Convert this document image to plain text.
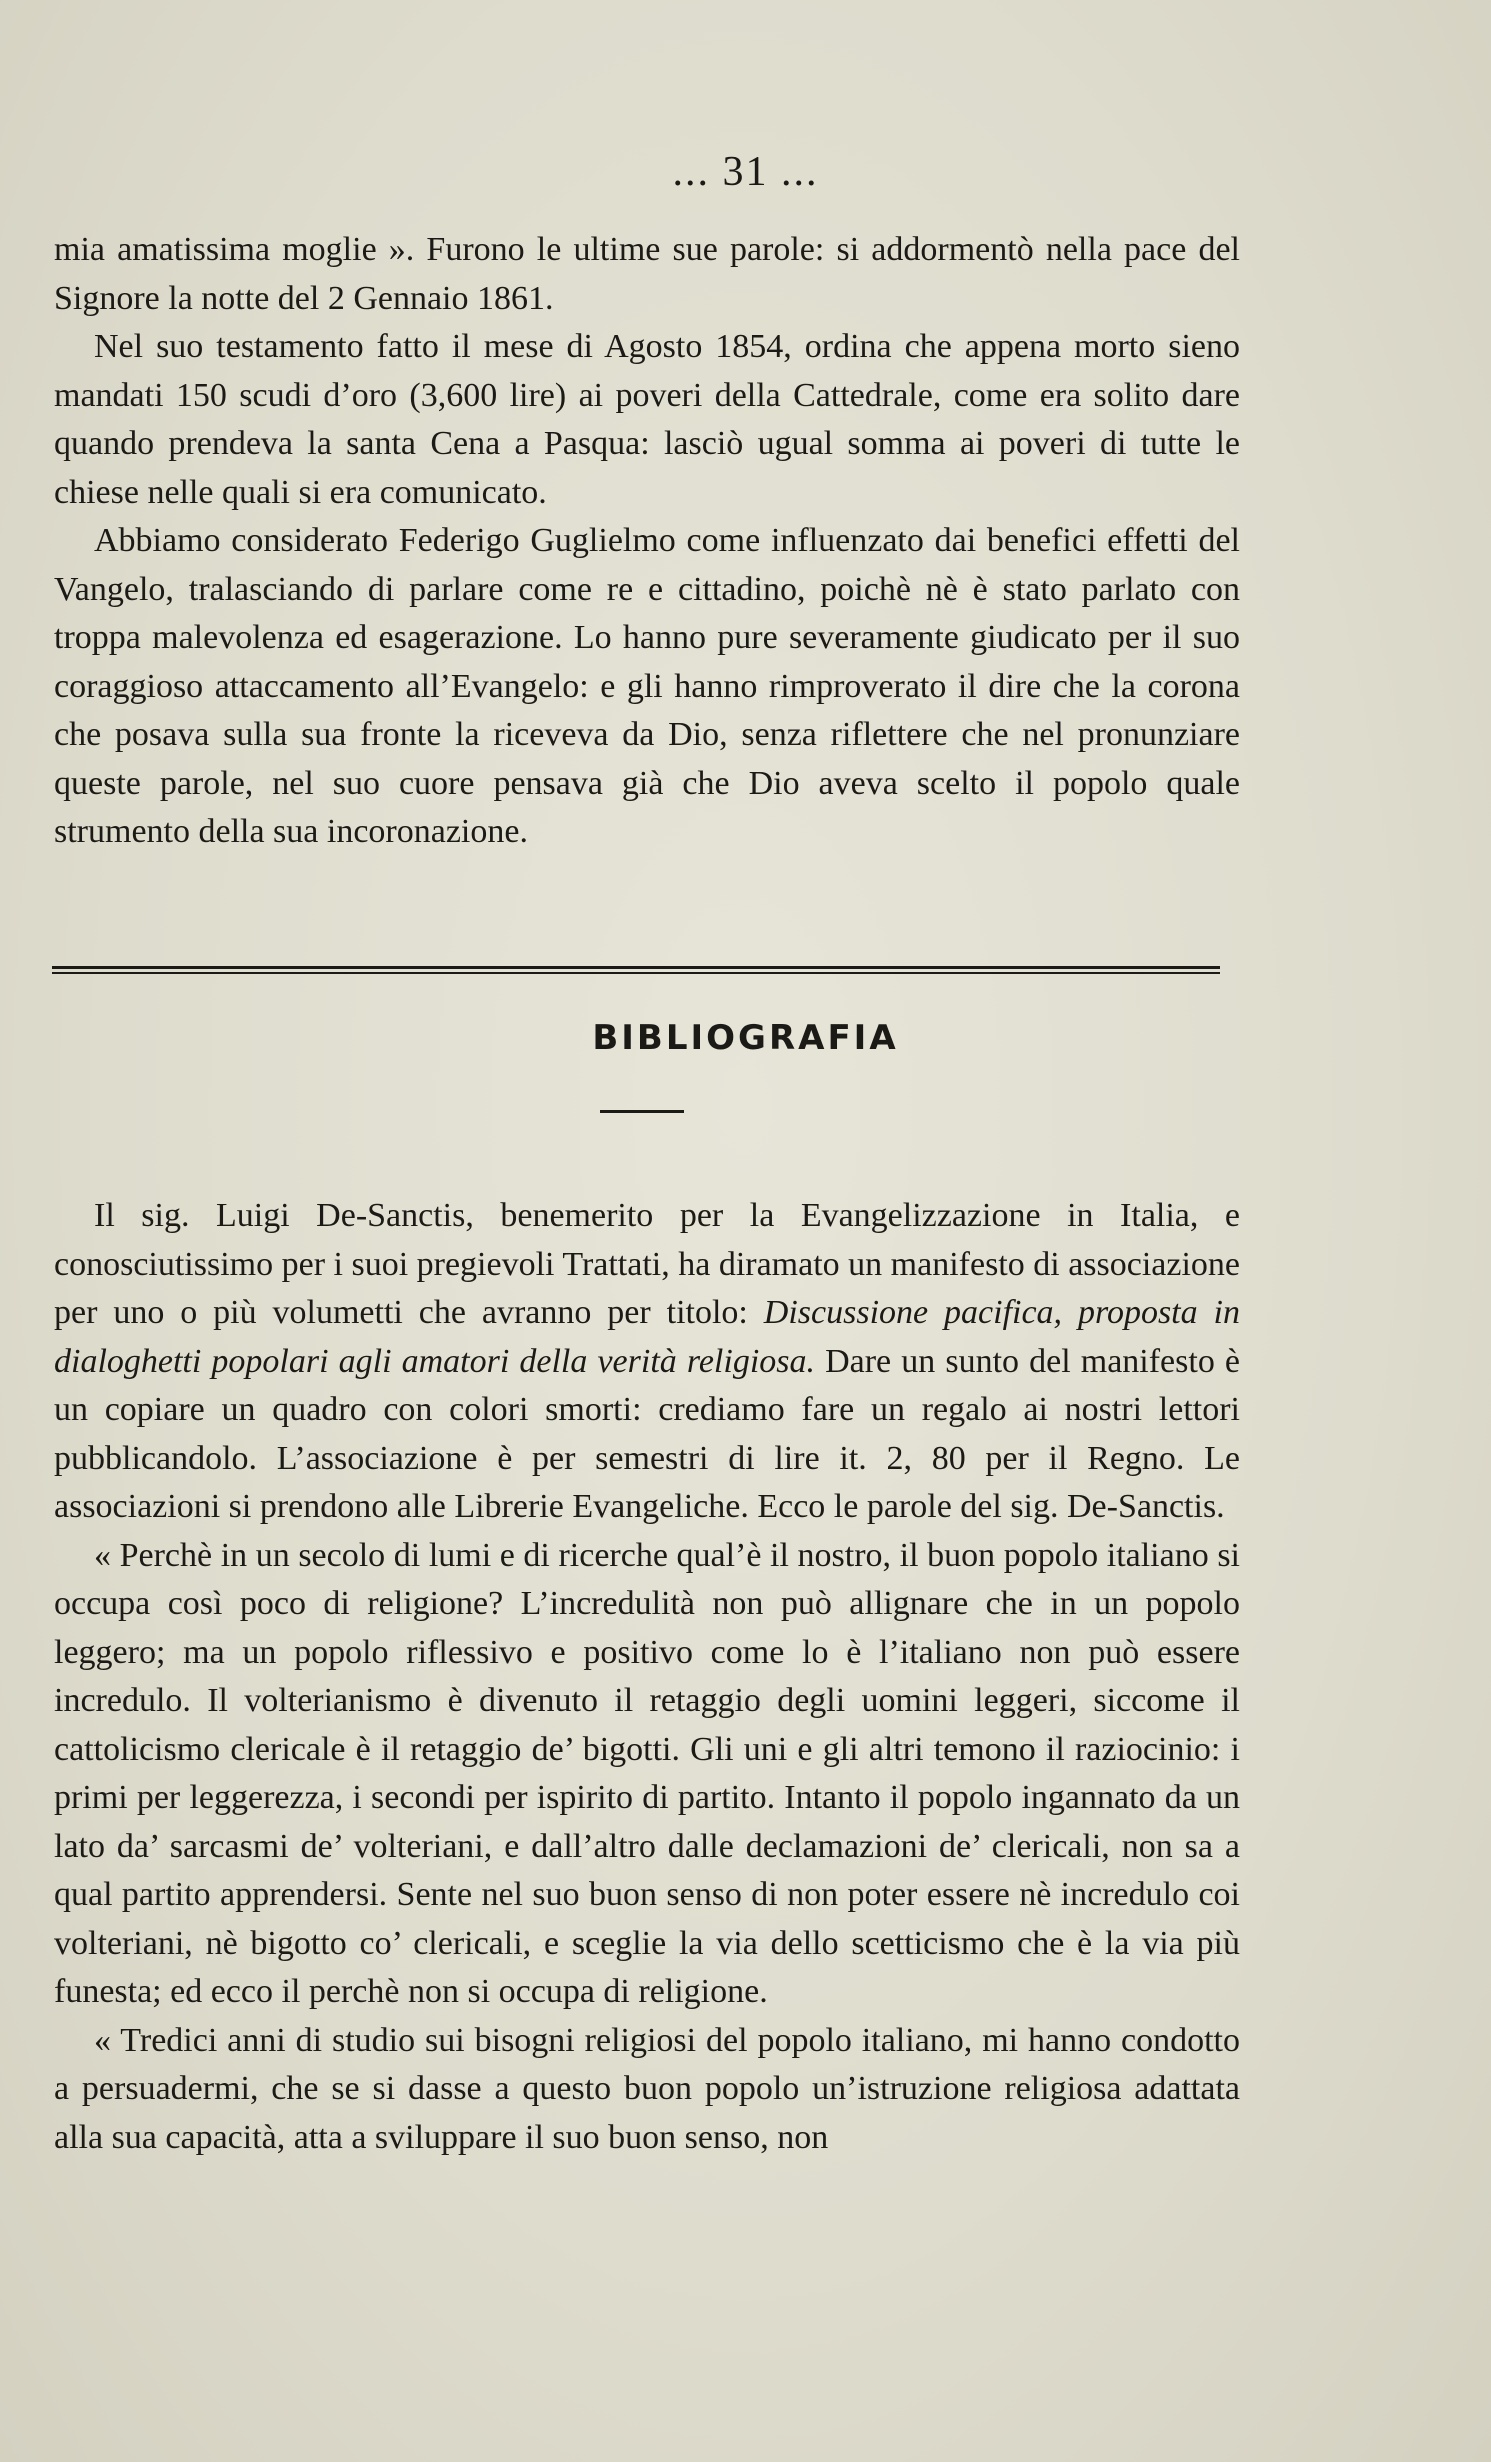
... 31 ...

mia amatissima moglie ». Furono le ultime sue parole: si addormentò nella pace del Signore la notte del 2 Gennaio 1861.

Nel suo testamento fatto il mese di Agosto 1854, ordina che appena morto sieno mandati 150 scudi d’oro (3,600 lire) ai poveri della Cattedrale, come era solito dare quando prendeva la santa Cena a Pasqua: lasciò ugual somma ai poveri di tutte le chiese nelle quali si era comunicato.

Abbiamo considerato Federigo Guglielmo come influenzato dai benefici effetti del Vangelo, tralasciando di parlare come re e cittadino, poichè nè è stato parlato con troppa malevolenza ed esagerazione. Lo hanno pure severamente giudicato per il suo coraggioso attaccamento all’Evangelo: e gli hanno rimproverato il dire che la corona che posava sulla sua fronte la riceveva da Dio, senza riflettere che nel pronunziare queste parole, nel suo cuore pensava già che Dio aveva scelto il popolo quale strumento della sua incoronazione.

BIBLIOGRAFIA

Il sig. Luigi De-Sanctis, benemerito per la Evangelizzazione in Italia, e conosciutissimo per i suoi pregievoli Trattati, ha diramato un manifesto di associazione per uno o più volumetti che avranno per titolo: Discussione pacifica, proposta in dialoghetti popolari agli amatori della verità religiosa. Dare un sunto del manifesto è un copiare un quadro con colori smorti: crediamo fare un regalo ai nostri lettori pubblicandolo. L’associazione è per semestri di lire it. 2, 80 per il Regno. Le associazioni si prendono alle Librerie Evangeliche. Ecco le parole del sig. De-Sanctis.

« Perchè in un secolo di lumi e di ricerche qual’è il nostro, il buon popolo italiano si occupa così poco di religione? L’incredulità non può allignare che in un popolo leggero; ma un popolo riflessivo e positivo come lo è l’italiano non può essere incredulo. Il volterianismo è divenuto il retaggio degli uomini leggeri, siccome il cattolicismo clericale è il retaggio de’ bigotti. Gli uni e gli altri temono il raziocinio: i primi per leggerezza, i secondi per ispirito di partito. Intanto il popolo ingannato da un lato da’ sarcasmi de’ volteriani, e dall’altro dalle declamazioni de’ clericali, non sa a qual partito apprendersi. Sente nel suo buon senso di non poter essere nè incredulo coi volteriani, nè bigotto co’ clericali, e sceglie la via dello scetticismo che è la via più funesta; ed ecco il perchè non si occupa di religione.

« Tredici anni di studio sui bisogni religiosi del popolo italiano, mi hanno condotto a persuadermi, che se si dasse a questo buon popolo un’istruzione religiosa adattata alla sua capacità, atta a sviluppare il suo buon senso, non
